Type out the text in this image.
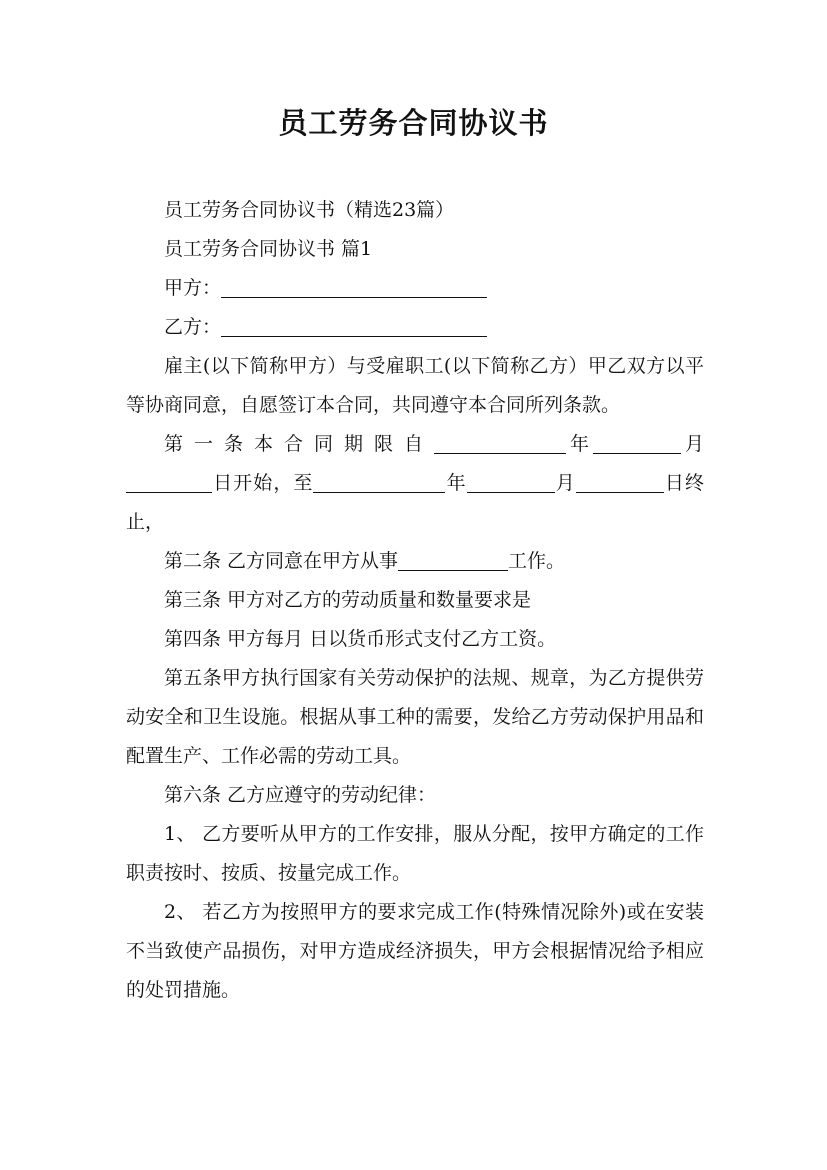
员工劳务合同协议书

员工劳务合同协议书（精选23篇）

员工劳务合同协议书 篇1

甲方：

乙方：

雇主(以下简称甲方）与受雇职工(以下简称乙方）甲乙双方以平等协商同意，自愿签订本合同，共同遵守本合同所列条款。

第一条本合同期限自	年	月日开始，至	年	月	日终止，

第二条 乙方同意在甲方从事	工作。

第三条 甲方对乙方的劳动质量和数量要求是

第四条 甲方每月 日以货币形式支付乙方工资。

第五条甲方执行国家有关劳动保护的法规、规章，为乙方提供劳动安全和卫生设施。根据从事工种的需要，发给乙方劳动保护用品和配置生产、工作必需的劳动工具。

第六条 乙方应遵守的劳动纪律：

1、 乙方要听从甲方的工作安排，服从分配，按甲方确定的工作职责按时、按质、按量完成工作。

2、 若乙方为按照甲方的要求完成工作(特殊情况除外)或在安装不当致使产品损伤，对甲方造成经济损失，甲方会根据情况给予相应的处罚措施。
